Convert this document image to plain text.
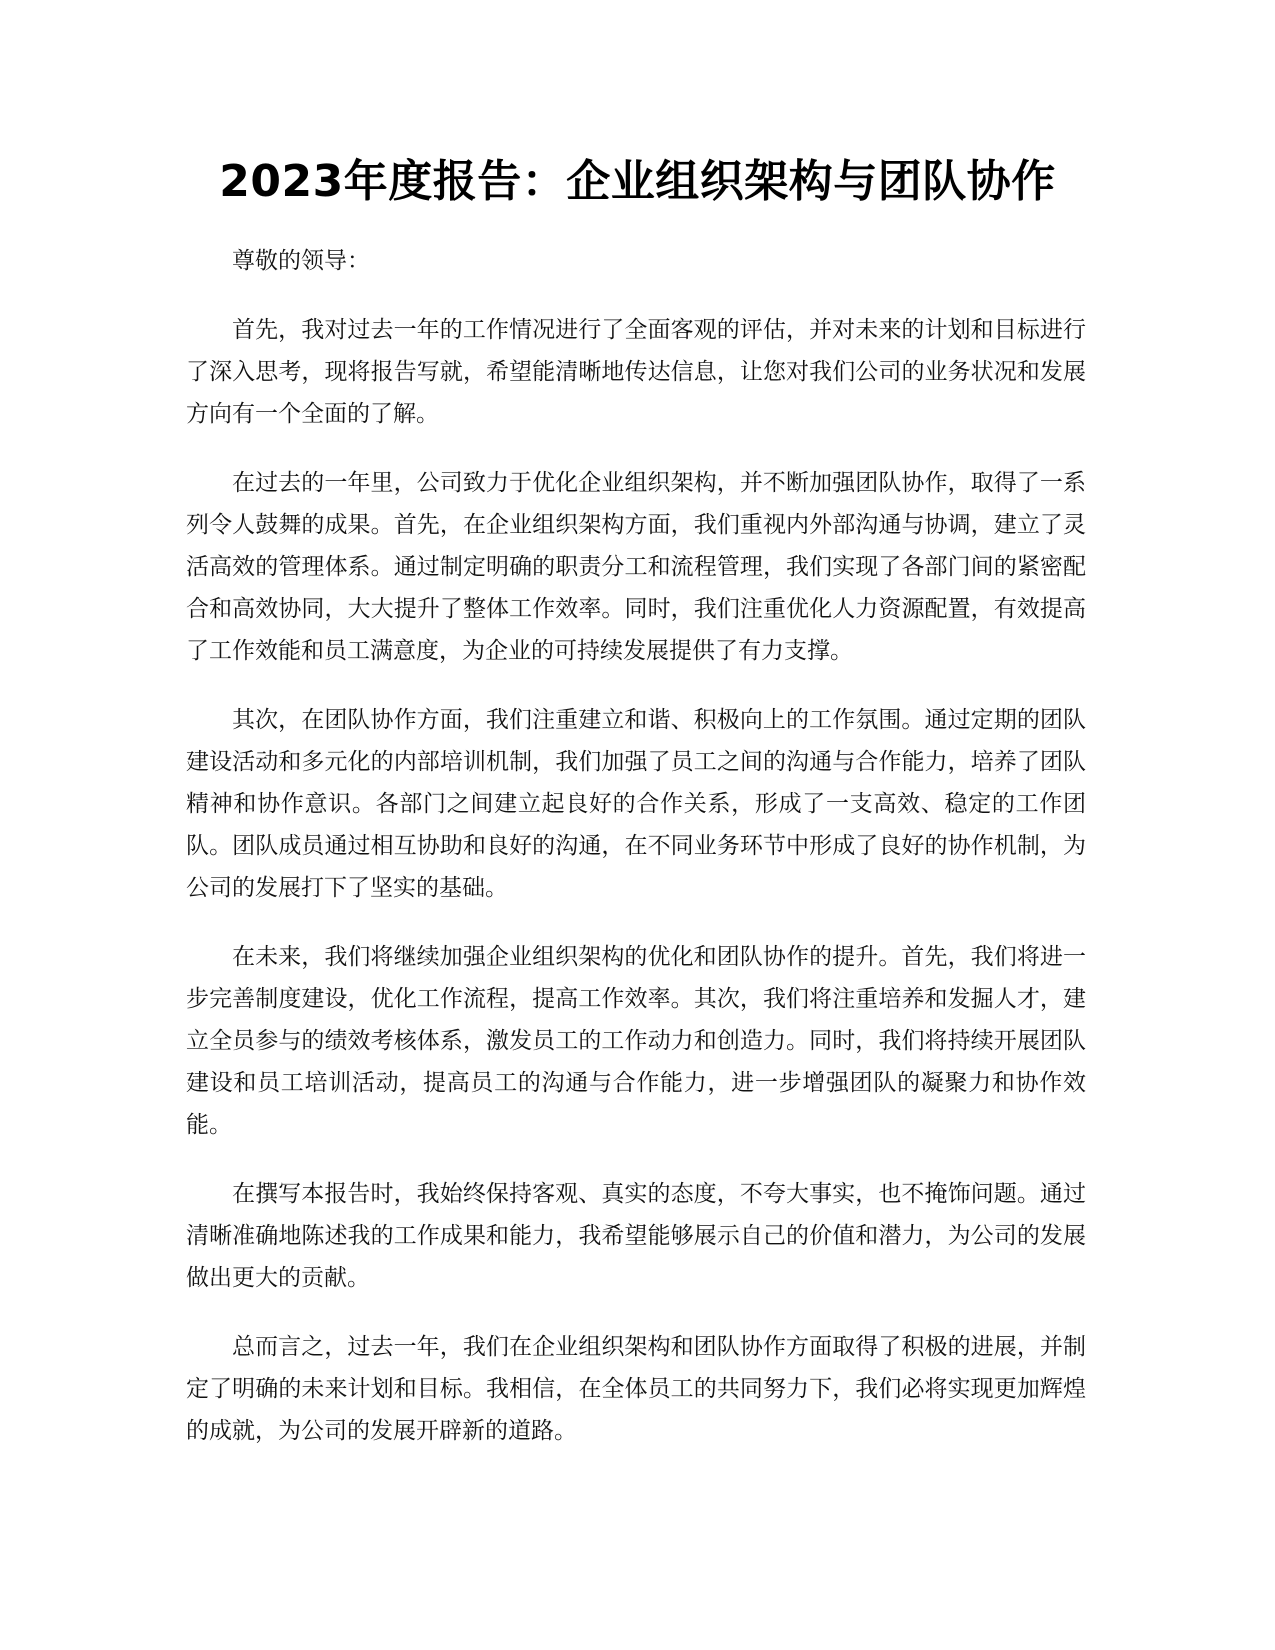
2023年度报告：企业组织架构与团队协作

尊敬的领导：

首先，我对过去一年的工作情况进行了全面客观的评估，并对未来的计划和目标进行了深入思考，现将报告写就，希望能清晰地传达信息，让您对我们公司的业务状况和发展方向有一个全面的了解。

在过去的一年里，公司致力于优化企业组织架构，并不断加强团队协作，取得了一系列令人鼓舞的成果。首先，在企业组织架构方面，我们重视内外部沟通与协调，建立了灵活高效的管理体系。通过制定明确的职责分工和流程管理，我们实现了各部门间的紧密配合和高效协同，大大提升了整体工作效率。同时，我们注重优化人力资源配置，有效提高了工作效能和员工满意度，为企业的可持续发展提供了有力支撑。

其次，在团队协作方面，我们注重建立和谐、积极向上的工作氛围。通过定期的团队建设活动和多元化的内部培训机制，我们加强了员工之间的沟通与合作能力，培养了团队精神和协作意识。各部门之间建立起良好的合作关系，形成了一支高效、稳定的工作团队。团队成员通过相互协助和良好的沟通，在不同业务环节中形成了良好的协作机制，为公司的发展打下了坚实的基础。

在未来，我们将继续加强企业组织架构的优化和团队协作的提升。首先，我们将进一步完善制度建设，优化工作流程，提高工作效率。其次，我们将注重培养和发掘人才，建立全员参与的绩效考核体系，激发员工的工作动力和创造力。同时，我们将持续开展团队建设和员工培训活动，提高员工的沟通与合作能力，进一步增强团队的凝聚力和协作效能。

在撰写本报告时，我始终保持客观、真实的态度，不夸大事实，也不掩饰问题。通过清晰准确地陈述我的工作成果和能力，我希望能够展示自己的价值和潜力，为公司的发展做出更大的贡献。

总而言之，过去一年，我们在企业组织架构和团队协作方面取得了积极的进展，并制定了明确的未来计划和目标。我相信，在全体员工的共同努力下，我们必将实现更加辉煌的成就，为公司的发展开辟新的道路。
